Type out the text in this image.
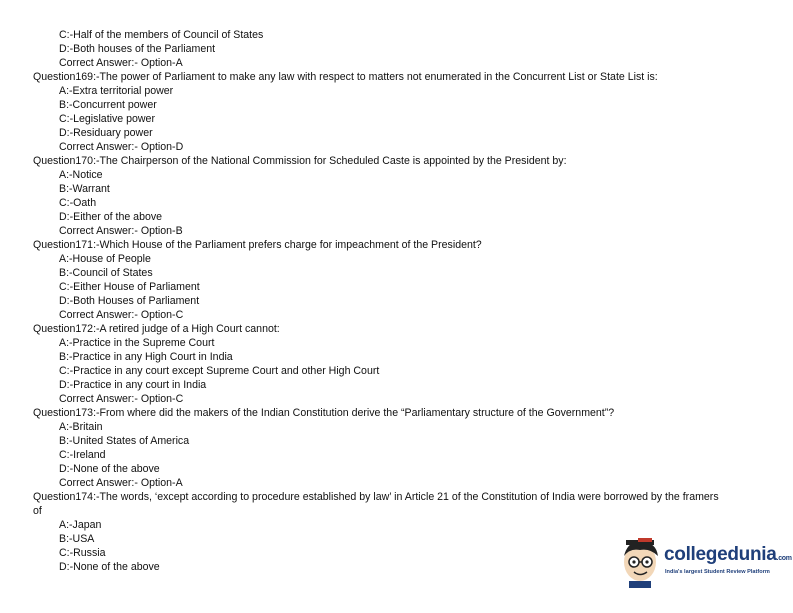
C:-Half of the members of Council of States
D:-Both houses of the Parliament
Correct Answer:- Option-A
Question169:-The power of Parliament to make any law with respect to matters not enumerated in the Concurrent List or State List is:
A:-Extra territorial power
B:-Concurrent power
C:-Legislative power
D:-Residuary power
Correct Answer:- Option-D
Question170:-The Chairperson of the National Commission for Scheduled Caste is appointed by the President by:
A:-Notice
B:-Warrant
C:-Oath
D:-Either of the above
Correct Answer:- Option-B
Question171:-Which House of the Parliament prefers charge for impeachment of the President?
A:-House of People
B:-Council of States
C:-Either House of Parliament
D:-Both Houses of Parliament
Correct Answer:- Option-C
Question172:-A retired judge of a High Court cannot:
A:-Practice in the Supreme Court
B:-Practice in any High Court in India
C:-Practice in any court except Supreme Court and other High Court
D:-Practice in any court in India
Correct Answer:- Option-C
Question173:-From where did the makers of the Indian Constitution derive the “Parliamentary structure of the Government”?
A:-Britain
B:-United States of America
C:-Ireland
D:-None of the above
Correct Answer:- Option-A
Question174:-The words, ‘except according to procedure established by law’ in Article 21 of the Constitution of India were borrowed by the framers
of
A:-Japan
B:-USA
C:-Russia
D:-None of the above
collegedunia.com
India's largest Student Review Platform
